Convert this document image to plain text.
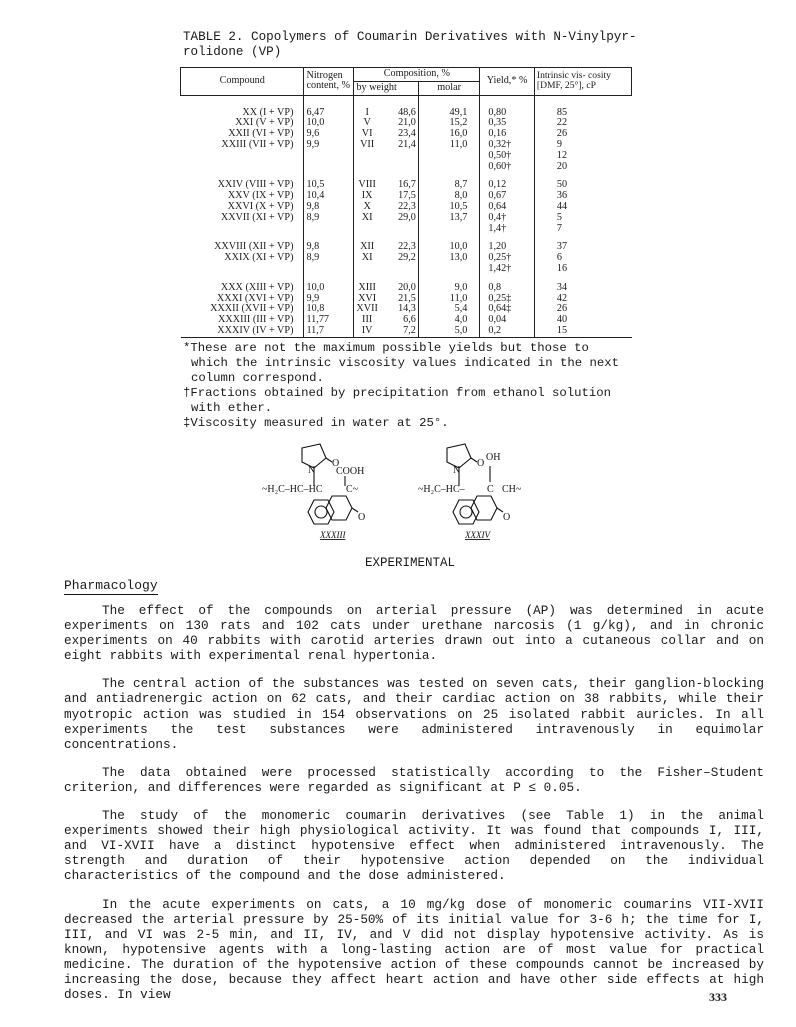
TABLE 2. Copolymers of Coumarin Derivatives with N-Vinylpyr- rolidone (VP)
Compound	Nitrogen content, %	Composition, %			Yield,* %	Intrinsic vis- cosity [DMF, 25°], cP
		by weight		molar		
XX (I + VP)	6,47	I	48,6	49,1	0,80	85
XXI (V + VP)	10,0	V	21,0	15,2	0,35	22
XXII (VI + VP)	9,6	VI	23,4	16,0	0,16	26
XXIII (VII + VP)	9,9	VII	21,4	11,0	0,32†	9
					0,50†	12
					0,60†	20
XXIV (VIII + VP)	10,5	VIII	16,7	8,7	0,12	50
XXV (IX + VP)	10,4	IX	17,5	8,0	0,67	36
XXVI (X + VP)	9,8	X	22,3	10,5	0,64	44
XXVII (XI + VP)	8,9	XI	29,0	13,7	0,4†	5
					1,4†	7
XXVIII (XII + VP)	9,8	XII	22,3	10,0	1,20	37
XXIX (XI + VP)	8,9	XI	29,2	13,0	0,25†	6
					1,42†	16
XXX (XIII + VP)	10,0	XIII	20,0	9,0	0,8	34
XXXI (XVI + VP)	9,9	XVI	21,5	11,0	0,25‡	42
XXXII (XVII + VP)	10,8	XVII	14,3	5,4	0,64‡	26
XXXIII (III + VP)	11,77	III	6,6	4,0	0,04	40
XXXIV (IV + VP)	11,7	IV	7,2	5,0	0,2	15

*These are not the maximum possible yields but those to

which the intrinsic viscosity values indicated in the next

column correspond.

†Fractions obtained by precipitation from ethanol solution

with ether.

‡Viscosity measured in water at 25°.

N
O
COOH
~H₂C–HC–HC C~
O
XXXIII
N
O
OH
~H₂C–HC– C CH~
O
XXXIV
EXPERIMENTAL
Pharmacology

The effect of the compounds on arterial pressure (AP) was determined in acute experiments on 130 rats and 102 cats under urethane narcosis (1 g/kg), and in chronic experiments on 40 rabbits with carotid arteries drawn out into a cutaneous collar and on eight rabbits with experimental renal hypertonia.

The central action of the substances was tested on seven cats, their ganglion-blocking and antiadrenergic action on 62 cats, and their cardiac action on 38 rabbits, while their myotropic action was studied in 154 observations on 25 isolated rabbit auricles. In all experiments the test substances were administered intravenously in equimolar concentrations.

The data obtained were processed statistically according to the Fisher–Student criterion, and differences were regarded as significant at P ≤ 0.05.

The study of the monomeric coumarin derivatives (see Table 1) in the animal experiments showed their high physiological activity. It was found that compounds I, III, and VI-XVII have a distinct hypotensive effect when administered intravenously. The strength and duration of their hypotensive action depended on the individual characteristics of the compound and the dose administered.

In the acute experiments on cats, a 10 mg/kg dose of monomeric coumarins VII-XVII decreased the arterial pressure by 25-50% of its initial value for 3-6 h; the time for I, III, and VI was 2-5 min, and II, IV, and V did not display hypotensive activity. As is known, hypotensive agents with a long-lasting action are of most value for practical medicine. The duration of the hypotensive action of these compounds cannot be increased by increasing the dose, because they affect heart action and have other side effects at high doses. In view	333
